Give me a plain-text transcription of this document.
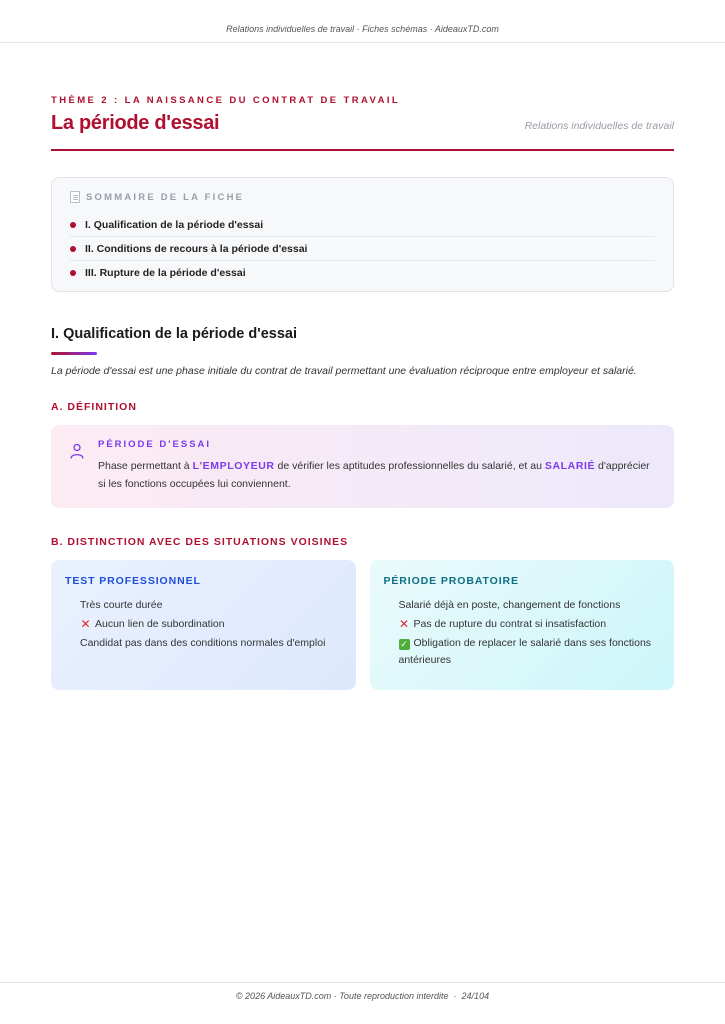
Relations individuelles de travail · Fiches schémas · AideauxTD.com
THÈME 2 : LA NAISSANCE DU CONTRAT DE TRAVAIL
La période d'essai	Relations individuelles de travail
SOMMAIRE DE LA FICHE
I. Qualification de la période d'essai
II. Conditions de recours à la période d'essai
III. Rupture de la période d'essai
I. Qualification de la période d'essai

La période d'essai est une phase initiale du contrat de travail permettant une évaluation réciproque entre employeur et salarié.

A. DÉFINITION
PÉRIODE D'ESSAI

Phase permettant à L'EMPLOYEUR de vérifier les aptitudes professionnelles du salarié, et au SALARIÉ d'apprécier si les fonctions occupées lui conviennent.

B. DISTINCTION AVEC DES SITUATIONS VOISINES
TEST PROFESSIONNEL
Très courte durée
✕ Aucun lien de subordination
Candidat pas dans des conditions normales d'emploi
PÉRIODE PROBATOIRE
Salarié déjà en poste, changement de fonctions
✕ Pas de rupture du contrat si insatisfaction
✓ Obligation de replacer le salarié dans ses fonctions antérieures
© 2026 AideauxTD.com · Toute reproduction interdite  ·  24/104
